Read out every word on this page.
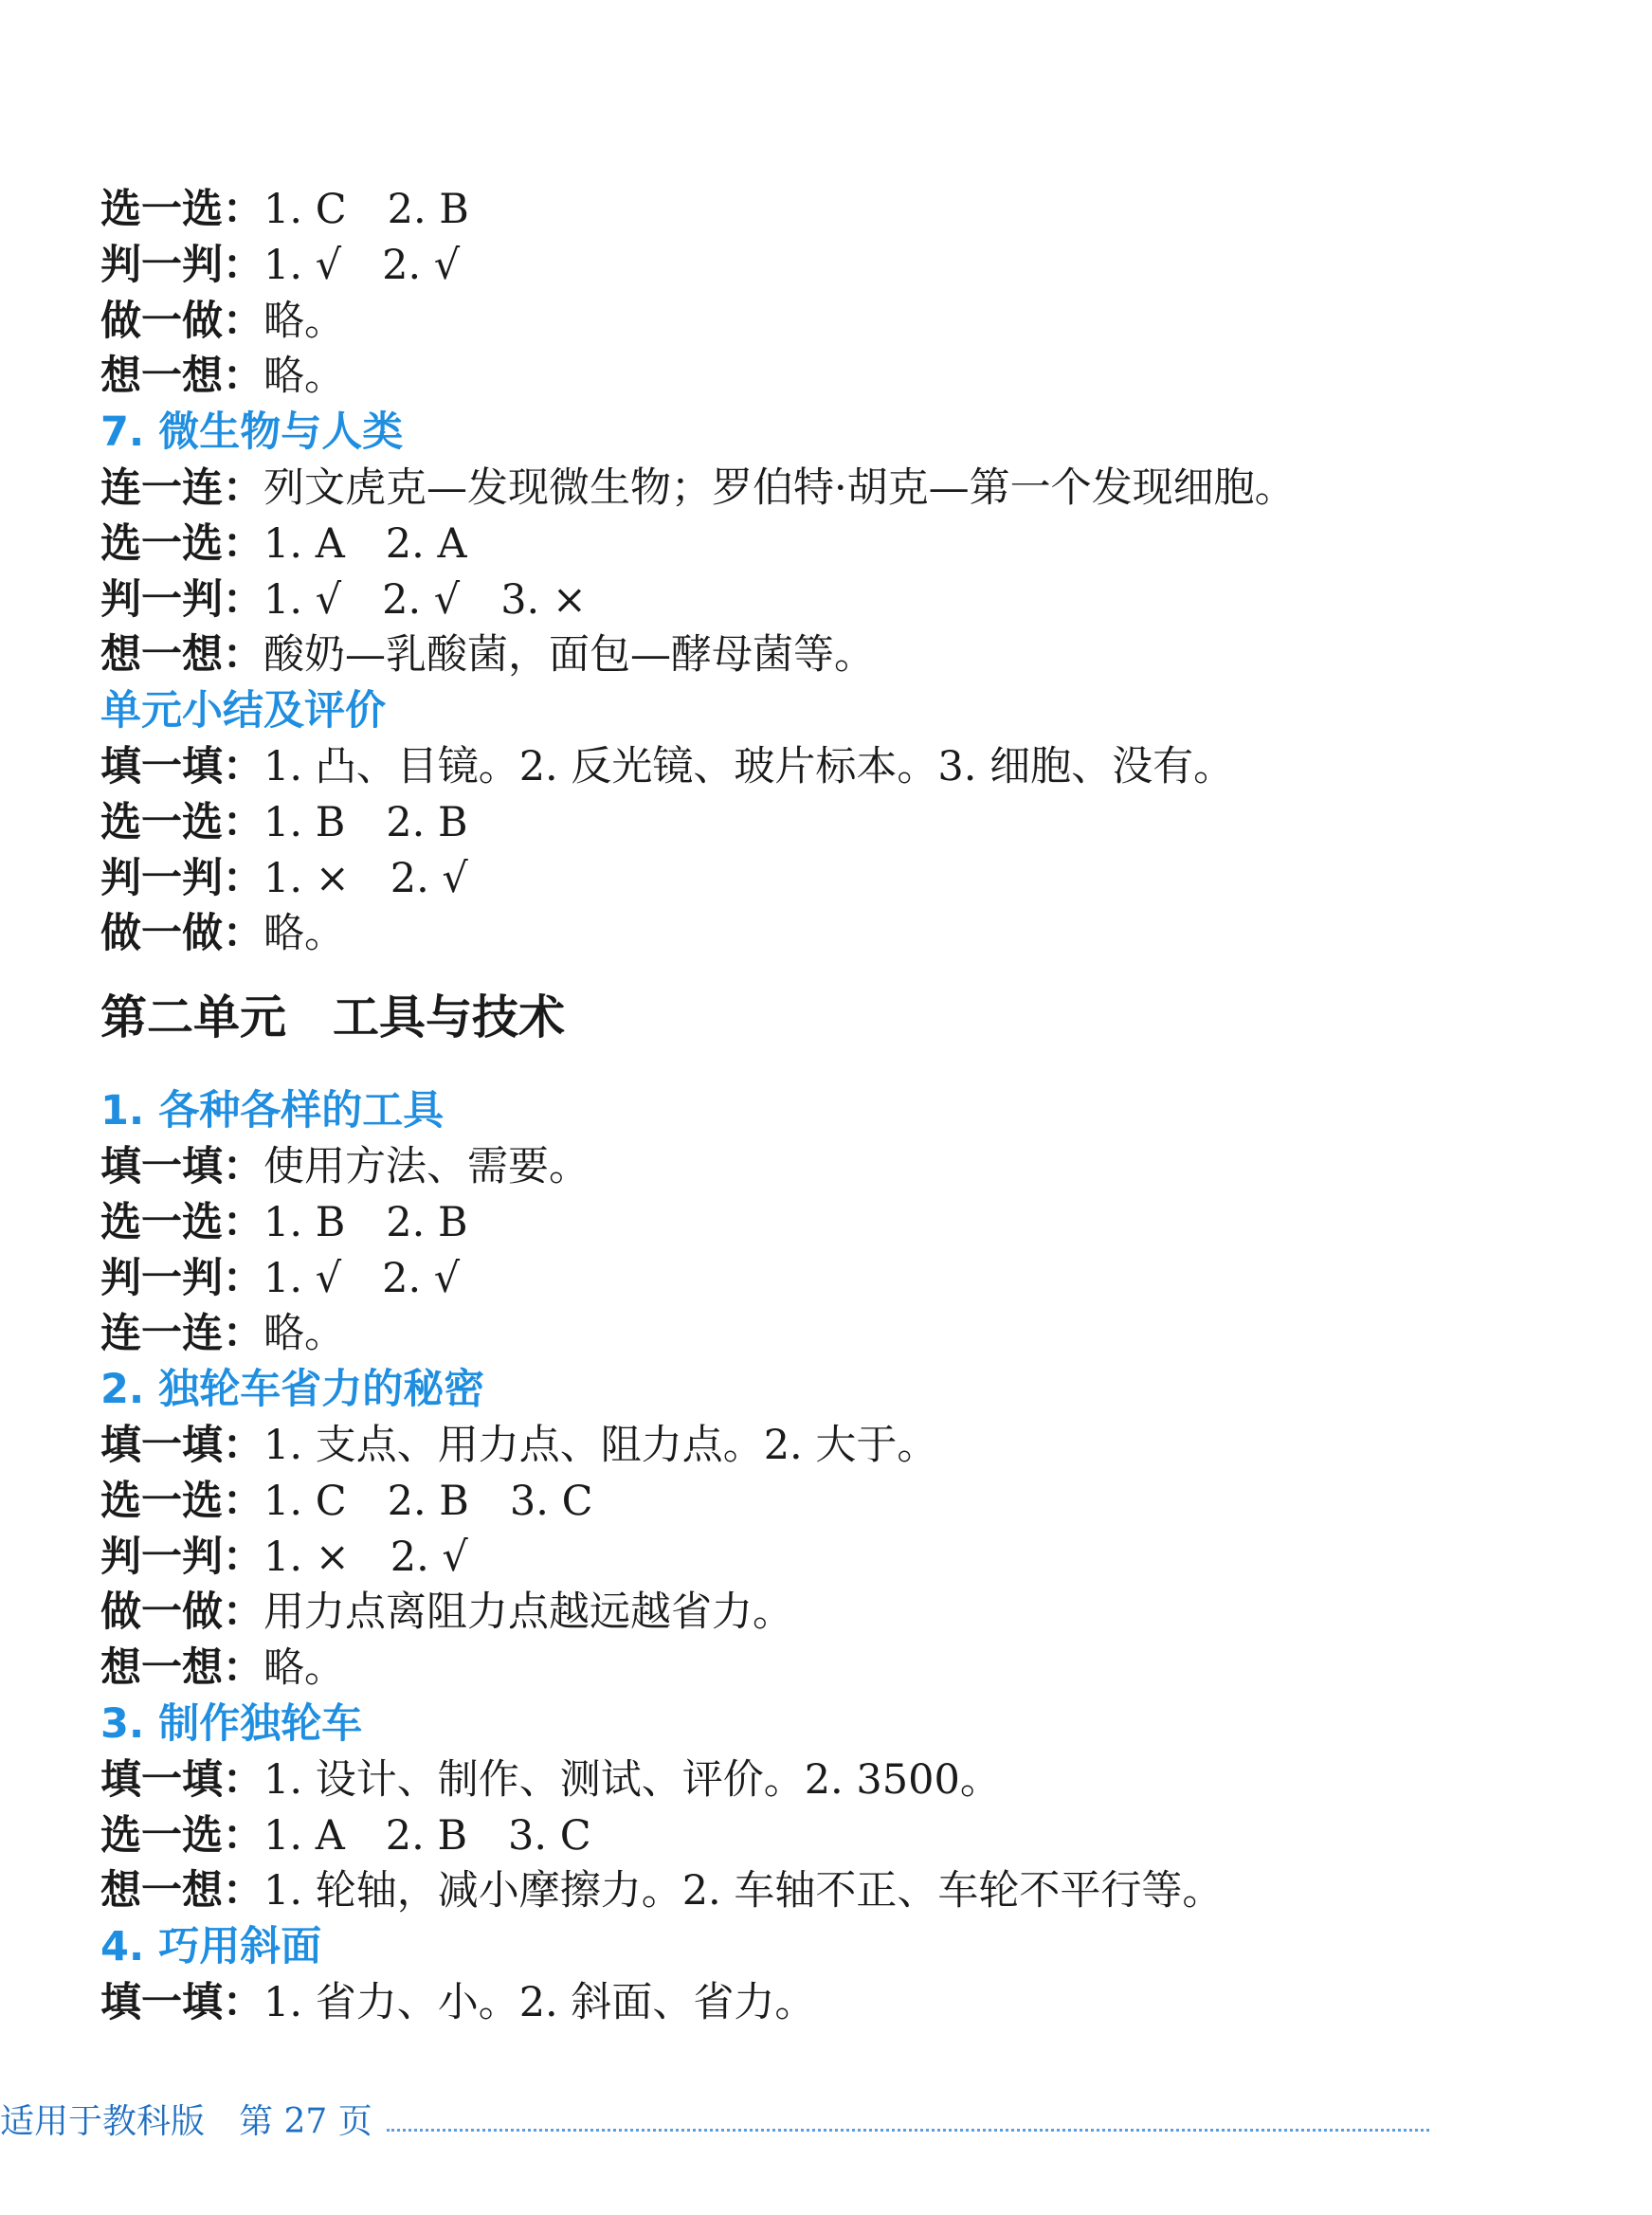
选一选：1. C　2. B
判一判：1. √　2. √
做一做：略。
想一想：略。
7. 微生物与人类
连一连：列文虎克—发现微生物；罗伯特·胡克—第一个发现细胞。
选一选：1. A　2. A
判一判：1. √　2. √　3. ×
想一想：酸奶—乳酸菌，面包—酵母菌等。
单元小结及评价
填一填：1. 凸、目镜。2. 反光镜、玻片标本。3. 细胞、没有。
选一选：1. B　2. B
判一判：1. ×　2. √
做一做：略。
第二单元　工具与技术
1. 各种各样的工具
填一填：使用方法、需要。
选一选：1. B　2. B
判一判：1. √　2. √
连一连：略。
2. 独轮车省力的秘密
填一填：1. 支点、用力点、阻力点。2. 大于。
选一选：1. C　2. B　3. C
判一判：1. ×　2. √
做一做：用力点离阻力点越远越省力。
想一想：略。
3. 制作独轮车
填一填：1. 设计、制作、测试、评价。2. 3500。
选一选：1. A　2. B　3. C
想一想：1. 轮轴，减小摩擦力。2. 车轴不正、车轮不平行等。
4. 巧用斜面
填一填：1. 省力、小。2. 斜面、省力。
适用于教科版　第 27 页
